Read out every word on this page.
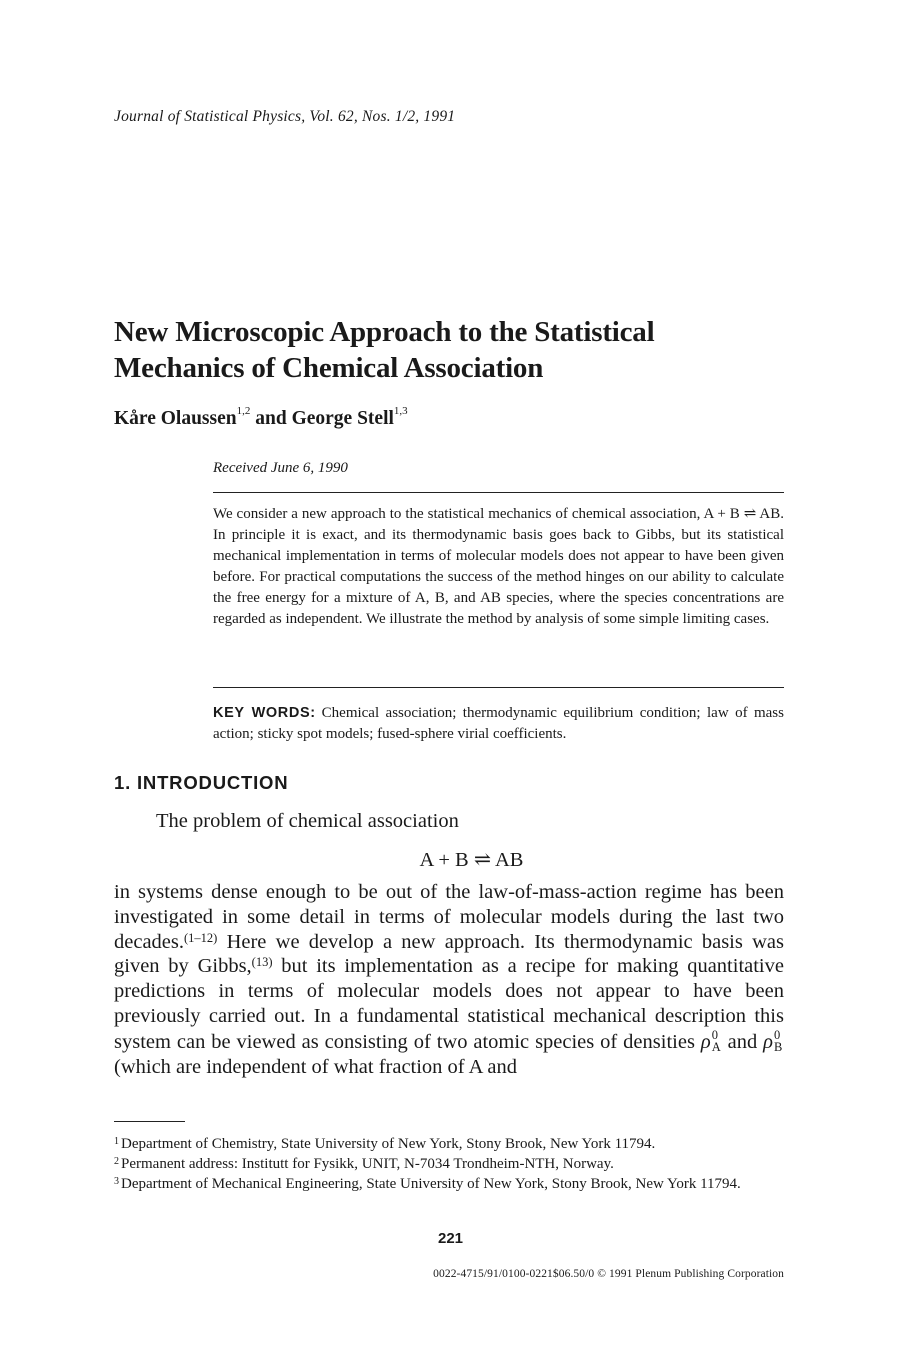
Journal of Statistical Physics, Vol. 62, Nos. 1/2, 1991
New Microscopic Approach to the Statistical
Mechanics of Chemical Association
Kåre Olaussen$^{1,2}$ and George Stell$^{1,3}$
Received June 6, 1990
We consider a new approach to the statistical mechanics of chemical association, A + B ⇌ AB. In principle it is exact, and its thermodynamic basis goes back to Gibbs, but its statistical mechanical implementation in terms of molecular models does not appear to have been given before. For practical computations the success of the method hinges on our ability to calculate the free energy for a mixture of A, B, and AB species, where the species concentrations are regarded as independent. We illustrate the method by analysis of some simple limiting cases.
KEY WORDS: Chemical association; thermodynamic equilibrium condition; law of mass action; sticky spot models; fused-sphere virial coefficients.
1. INTRODUCTION
The problem of chemical association
A + B ⇌ AB
in systems dense enough to be out of the law-of-mass-action regime has been investigated in some detail in terms of molecular models during the last two decades.$^{(1-12)}$ Here we develop a new approach. Its thermodynamic basis was given by Gibbs,$^{(13)}$ but its implementation as a recipe for making quantitative predictions in terms of molecular models does not appear to have been previously carried out. In a fundamental statistical mechanical description this system can be viewed as consisting of two atomic species of densities ρ 0
A and ρ 0
B
(which are independent of what fraction of A and
$^1$ Department of Chemistry, State University of New York, Stony Brook, New York 11794.
$^2$ Permanent address: Institutt for Fysikk, UNIT, N-7034 Trondheim-NTH, Norway.
$^3$ Department of Mechanical Engineering, State University of New York, Stony Brook, New York 11794.
221
0022-4715/91/0100-0221$06.50/0 © 1991 Plenum Publishing Corporation
